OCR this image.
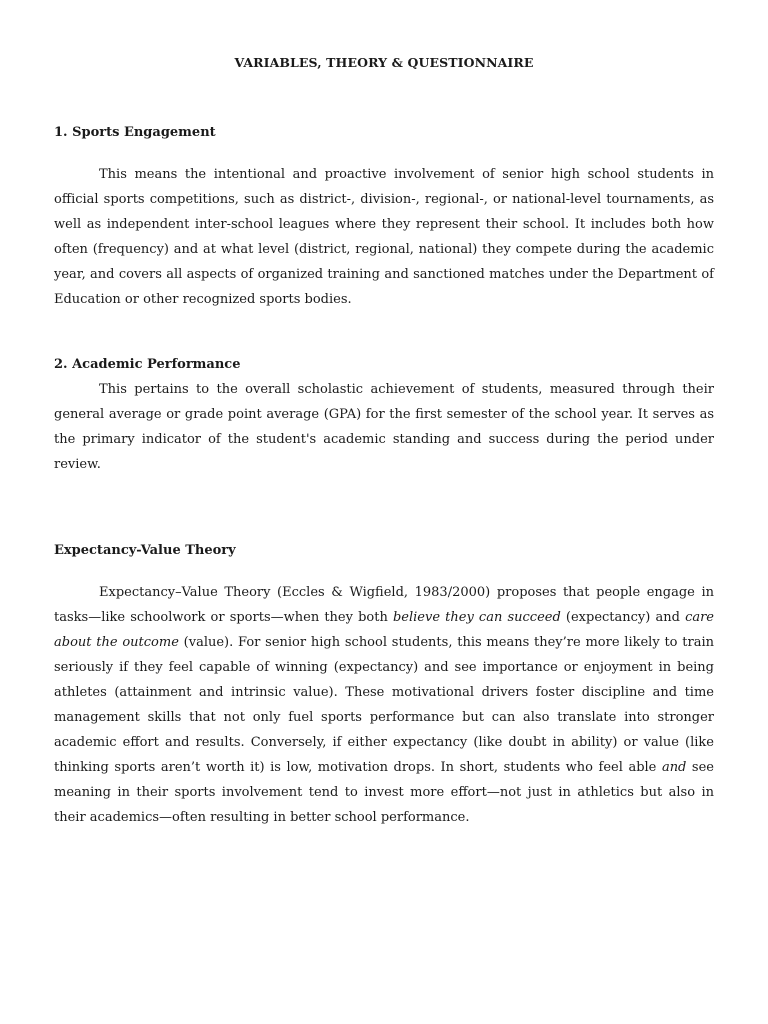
VARIABLES, THEORY & QUESTIONNAIRE
1. Sports Engagement

This means the intentional and proactive involvement of senior high school students in official sports competitions, such as district-, division-, regional-, or national-level tournaments, as well as independent inter-school leagues where they represent their school. It includes both how often (frequency) and at what level (district, regional, national) they compete during the academic year, and covers all aspects of organized training and sanctioned matches under the Department of Education or other recognized sports bodies.

2. Academic Performance

This pertains to the overall scholastic achievement of students, measured through their general average or grade point average (GPA) for the first semester of the school year. It serves as the primary indicator of the student's academic standing and success during the period under review.

Expectancy-Value Theory

Expectancy–Value Theory (Eccles & Wigfield, 1983/2000) proposes that people engage in tasks—like schoolwork or sports—when they both believe they can succeed (expectancy) and care about the outcome (value). For senior high school students, this means they’re more likely to train seriously if they feel capable of winning (expectancy) and see importance or enjoyment in being athletes (attainment and intrinsic value). These motivational drivers foster discipline and time management skills that not only fuel sports performance but can also translate into stronger academic effort and results. Conversely, if either expectancy (like doubt in ability) or value (like thinking sports aren’t worth it) is low, motivation drops. In short, students who feel able and see meaning in their sports involvement tend to invest more effort—not just in athletics but also in their academics—often resulting in better school performance.
